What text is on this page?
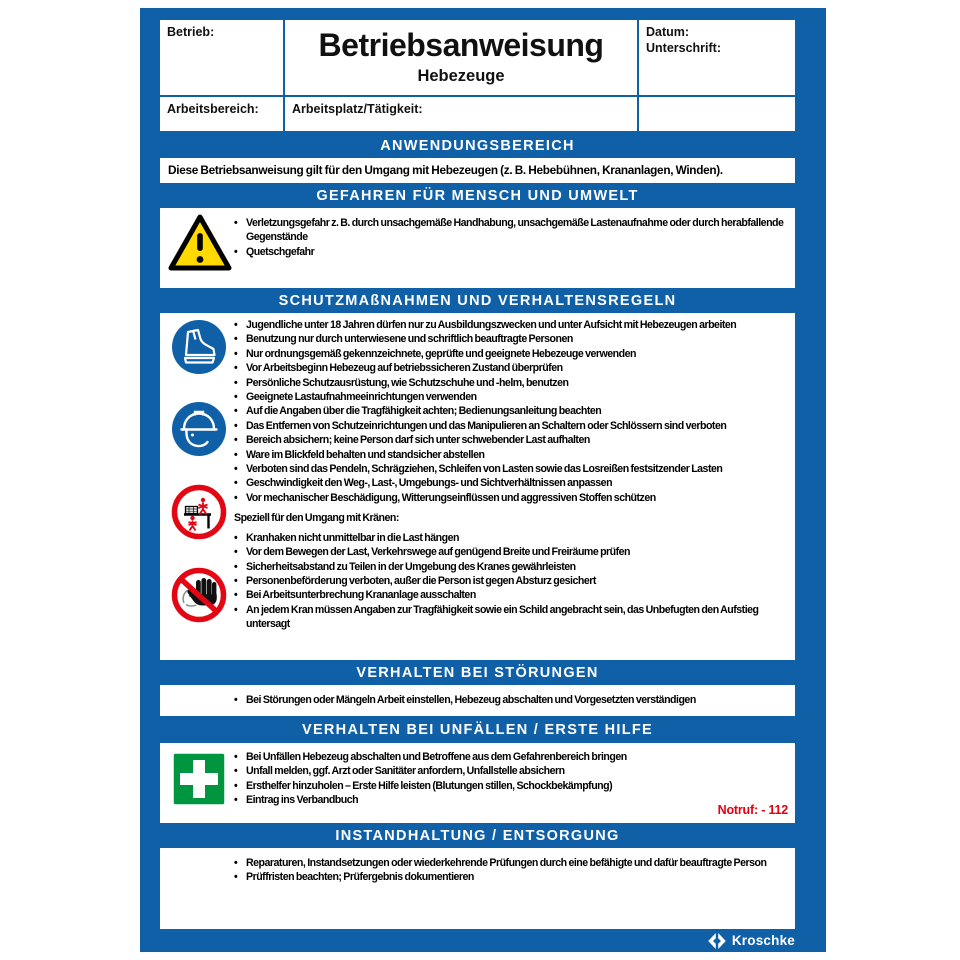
Betrieb:	Betriebsanweisung
Hebezeuge
Datum:
Unterschrift:
Arbeitsbereich:	Arbeitsplatz/Tätigkeit:
ANWENDUNGSBEREICH
Diese Betriebsanweisung gilt für den Umgang mit Hebezeugen (z. B. Hebebühnen, Krananlagen, Winden).
GEFAHREN FÜR MENSCH UND UMWELT
• Verletzungsgefahr z. B. durch unsachgemäße Handhabung, unsachgemäße Lastenaufnahme oder durch herabfallende Gegenstände
• Quetschgefahr
SCHUTZMAßNAHMEN UND VERHALTENSREGELN
• Jugendliche unter 18 Jahren dürfen nur zu Ausbildungszwecken und unter Aufsicht mit Hebezeugen arbeiten
• Benutzung nur durch unterwiesene und schriftlich beauftragte Personen
• Nur ordnungsgemäß gekennzeichnete, geprüfte und geeignete Hebezeuge verwenden
• Vor Arbeitsbeginn Hebezeug auf betriebssicheren Zustand überprüfen
• Persönliche Schutzausrüstung, wie Schutzschuhe und -helm, benutzen
• Geeignete Lastaufnahmeeinrichtungen verwenden
• Auf die Angaben über die Tragfähigkeit achten; Bedienungsanleitung beachten
• Das Entfernen von Schutzeinrichtungen und das Manipulieren an Schaltern oder Schlössern sind verboten
• Bereich absichern; keine Person darf sich unter schwebender Last aufhalten
• Ware im Blickfeld behalten und standsicher abstellen
• Verboten sind das Pendeln, Schrägziehen, Schleifen von Lasten sowie das Losreißen festsitzender Lasten
• Geschwindigkeit den Weg-, Last-, Umgebungs- und Sichtverhältnissen anpassen
• Vor mechanischer Beschädigung, Witterungseinflüssen und aggressiven Stoffen schützen
Speziell für den Umgang mit Kränen:
• Kranhaken nicht unmittelbar in die Last hängen
• Vor dem Bewegen der Last, Verkehrswege auf genügend Breite und Freiräume prüfen
• Sicherheitsabstand zu Teilen in der Umgebung des Kranes gewährleisten
• Personenbeförderung verboten, außer die Person ist gegen Absturz gesichert
• Bei Arbeitsunterbrechung Krananlage ausschalten
• An jedem Kran müssen Angaben zur Tragfähigkeit sowie ein Schild angebracht sein, das Unbefugten den Aufstieg untersagt
VERHALTEN BEI STÖRUNGEN
• Bei Störungen oder Mängeln Arbeit einstellen, Hebezeug abschalten und Vorgesetzten verständigen
VERHALTEN BEI UNFÄLLEN / ERSTE HILFE
• Bei Unfällen Hebezeug abschalten und Betroffene aus dem Gefahrenbereich bringen
• Unfall melden, ggf. Arzt oder Sanitäter anfordern, Unfallstelle absichern
• Ersthelfer hinzuholen – Erste Hilfe leisten (Blutungen stillen, Schockbekämpfung)
• Eintrag ins Verbandbuch
Notruf: - 112
INSTANDHALTUNG / ENTSORGUNG
• Reparaturen, Instandsetzungen oder wiederkehrende Prüfungen durch eine befähigte und dafür beauftragte Person
• Prüffristen beachten; Prüfergebnis dokumentieren
Kroschke
